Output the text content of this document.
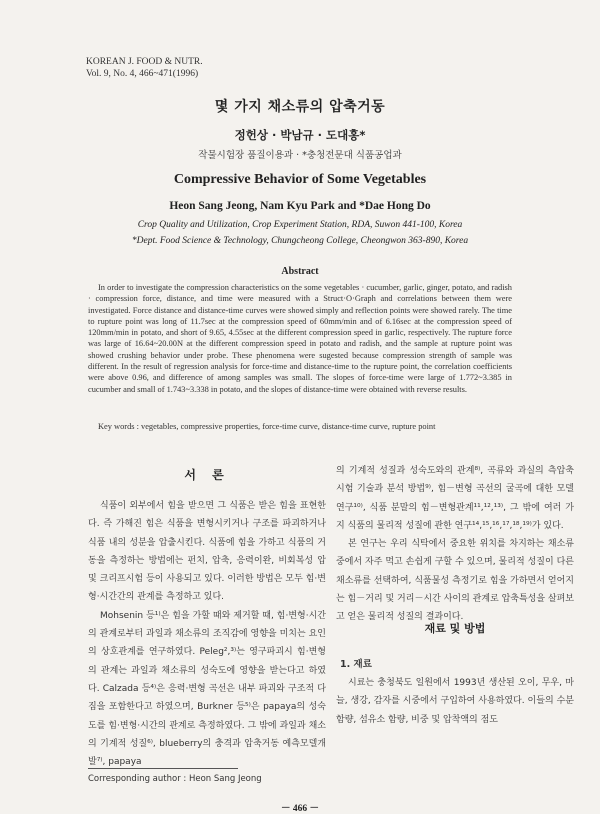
KOREAN J. FOOD & NUTR.
Vol. 9, No. 4, 466~471(1996)
몇 가지 채소류의 압축거동
정헌상 · 박남규 · 도대홍*
작물시험장 품질이용과 · *충청전문대 식품공업과
Compressive Behavior of Some Vegetables
Heon Sang Jeong, Nam Kyu Park and *Dae Hong Do
Crop Quality and Utilization, Crop Experiment Station, RDA, Suwon 441-100, Korea
*Dept. Food Science & Technology, Chungcheong College, Cheongwon 363-890, Korea
Abstract
In order to investigate the compression characteristics on the some vegetables · cucumber, garlic, ginger, potato, and radish · compression force, distance, and time were measured with a Struct·O·Graph and correlations between them were investigated. Force distance and distance-time curves were showed simply and reflection points were showed rarely. The time to rupture point was long of 11.7sec at the compression speed of 60mm/min and of 6.16sec at the compression speed of 120mm/min in potato, and short of 9.65, 4.55sec at the different compression speed in garlic, respectively. The rupture force was large of 16.64~20.00N at the different compression speed in potato and radish, and the sample at rupture point was showed crushing behavior under probe. These phenomena were sugested because compression strength of sample was different. In the result of regression analysis for force-time and distance-time to the rupture point, the correlation coefficients were above 0.96, and difference of among samples was small. The slopes of force-time were large of 1.772~3.385 in cucumber and small of 1.743~3.338 in potato, and the slopes of distance-time were obtained with reverse results.
Key words : vegetables, compressive properties, force-time curve, distance-time curve, rupture point
서 론

식품이 외부에서 힘을 받으면 그 식품은 받은 힘을 표현한다. 즉 가해진 힘은 식품을 변형시키거나 구조를 파괴하거나 식품 내의 성분을 압출시킨다. 식품에 힘을 가하고 식품의 거동을 측정하는 방법에는 펀치, 압축, 응력이완, 비회복성 압 및 크리프시험 등이 사용되고 있다. 이러한 방법은 모두 힘·변형·시간간의 관계를 측정하고 있다.

Mohsenin 등¹⁾은 힘을 가할 때와 제거할 때, 힘·변형·시간의 관계로부터 과일과 채소류의 조직감에 영향을 미치는 요인의 상호관계를 연구하였다. Peleg²,³⁾는 영구파괴시 힘·변형의 관계는 과일과 채소류의 성숙도에 영향을 받는다고 하였다. Calzada 등⁴⁾은 응력·변형 곡선은 내부 파괴와 구조적 다짐을 포함한다고 하였으며, Burkner 등⁵⁾은 papaya의 성숙도를 힘·변형·시간의 관계로 측정하였다. 그 밖에 과일과 채소의 기계적 성질⁶⁾, blueberry의 충격과 압축거동 예측모델개발⁷⁾, papaya

의 기계적 성질과 성숙도와의 관계⁸⁾, 곡류와 과실의 측압축 시험 기술과 분석 방법⁹⁾, 힘－변형 곡선의 굴곡에 대한 모델 연구¹⁰⁾, 식품 분말의 힘－변형관계¹¹,¹²,¹³⁾, 그 밖에 여러 가지 식품의 물리적 성질에 관한 연구¹⁴,¹⁵,¹⁶,¹⁷,¹⁸,¹⁹⁾가 있다.

본 연구는 우리 식탁에서 중요한 위치를 차지하는 채소류 중에서 자주 먹고 손쉽게 구할 수 있으며, 물리적 성질이 다른 채소류를 선택하여, 식품물성 측정기로 힘을 가하면서 얻어지는 힘－거리 및 거리－시간 사이의 관계로 압축특성을 살펴보고 얻은 물리적 성질의 결과이다.

재료 및 방법
1. 재료

시료는 충청북도 일원에서 1993년 생산된 오이, 무우, 마늘, 생강, 감자를 시중에서 구입하여 사용하였다. 이들의 수분함량, 섬유소 함량, 비중 및 압착액의 점도

Corresponding author : Heon Sang Jeong
－ 466 －
